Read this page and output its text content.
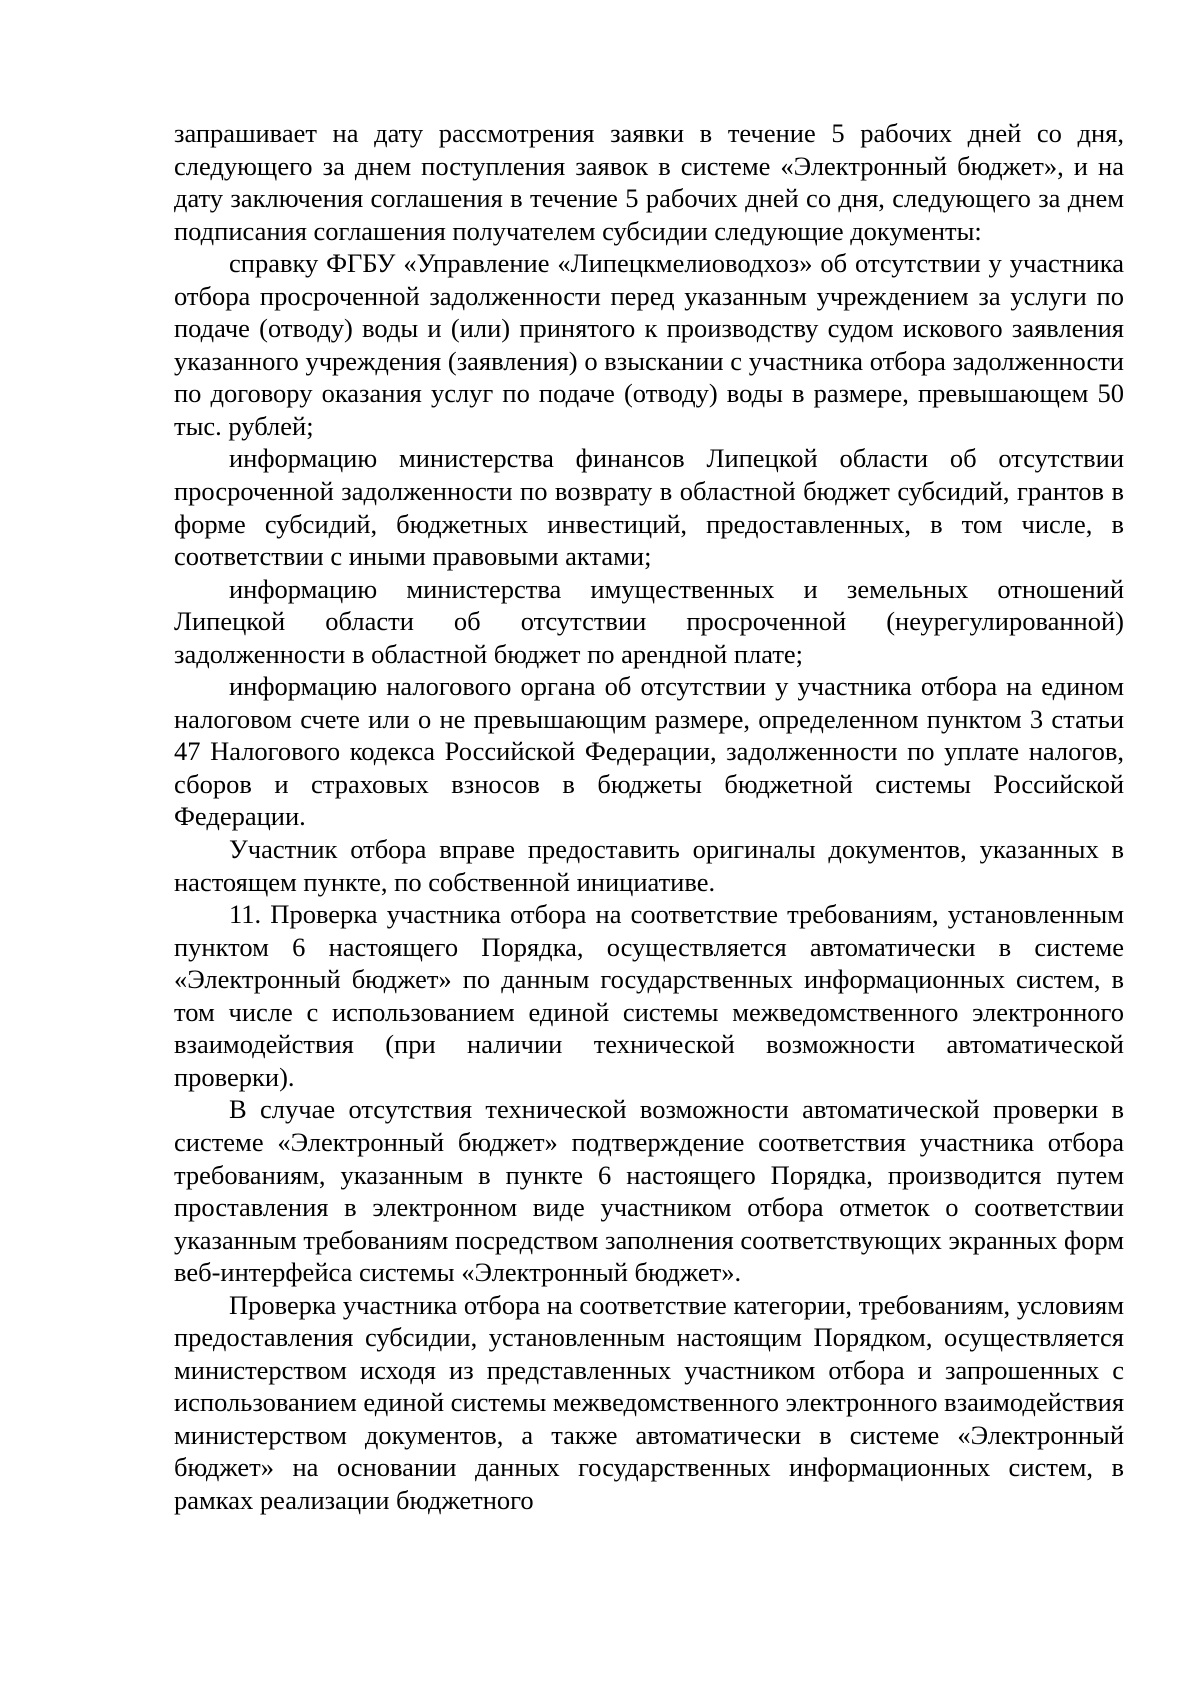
запрашивает на дату рассмотрения заявки в течение 5 рабочих дней со дня, следующего за днем поступления заявок в системе «Электронный бюджет», и на дату заключения соглашения в течение 5 рабочих дней со дня, следующего за днем подписания соглашения получателем субсидии следующие документы:

справку ФГБУ «Управление «Липецкмелиоводхоз» об отсутствии у участника отбора просроченной задолженности перед указанным учреждением за услуги по подаче (отводу) воды и (или) принятого к производству судом искового заявления указанного учреждения (заявления) о взыскании с участника отбора задолженности по договору оказания услуг по подаче (отводу) воды в размере, превышающем 50 тыс. рублей;

информацию министерства финансов Липецкой области об отсутствии просроченной задолженности по возврату в областной бюджет субсидий, грантов в форме субсидий, бюджетных инвестиций, предоставленных, в том числе, в соответствии с иными правовыми актами;

информацию министерства имущественных и земельных отношений Липецкой области об отсутствии просроченной (неурегулированной) задолженности в областной бюджет по арендной плате;

информацию налогового органа об отсутствии у участника отбора на едином налоговом счете или о не превышающим размере, определенном пунктом 3 статьи 47 Налогового кодекса Российской Федерации, задолженности по уплате налогов, сборов и страховых взносов в бюджеты бюджетной системы Российской Федерации.

Участник отбора вправе предоставить оригиналы документов, указанных в настоящем пункте, по собственной инициативе.

11. Проверка участника отбора на соответствие требованиям, установленным пунктом 6 настоящего Порядка, осуществляется автоматически в системе «Электронный бюджет» по данным государственных информационных систем, в том числе с использованием единой системы межведомственного электронного взаимодействия (при наличии технической возможности автоматической проверки).

В случае отсутствия технической возможности автоматической проверки в системе «Электронный бюджет» подтверждение соответствия участника отбора требованиям, указанным в пункте 6 настоящего Порядка, производится путем проставления в электронном виде участником отбора отметок о соответствии указанным требованиям посредством заполнения соответствующих экранных форм веб-интерфейса системы «Электронный бюджет».

Проверка участника отбора на соответствие категории, требованиям, условиям предоставления субсидии, установленным настоящим Порядком, осуществляется министерством исходя из представленных участником отбора и запрошенных с использованием единой системы межведомственного электронного взаимодействия министерством документов, а также автоматически в системе «Электронный бюджет» на основании данных государственных информационных систем, в рамках реализации бюджетного
